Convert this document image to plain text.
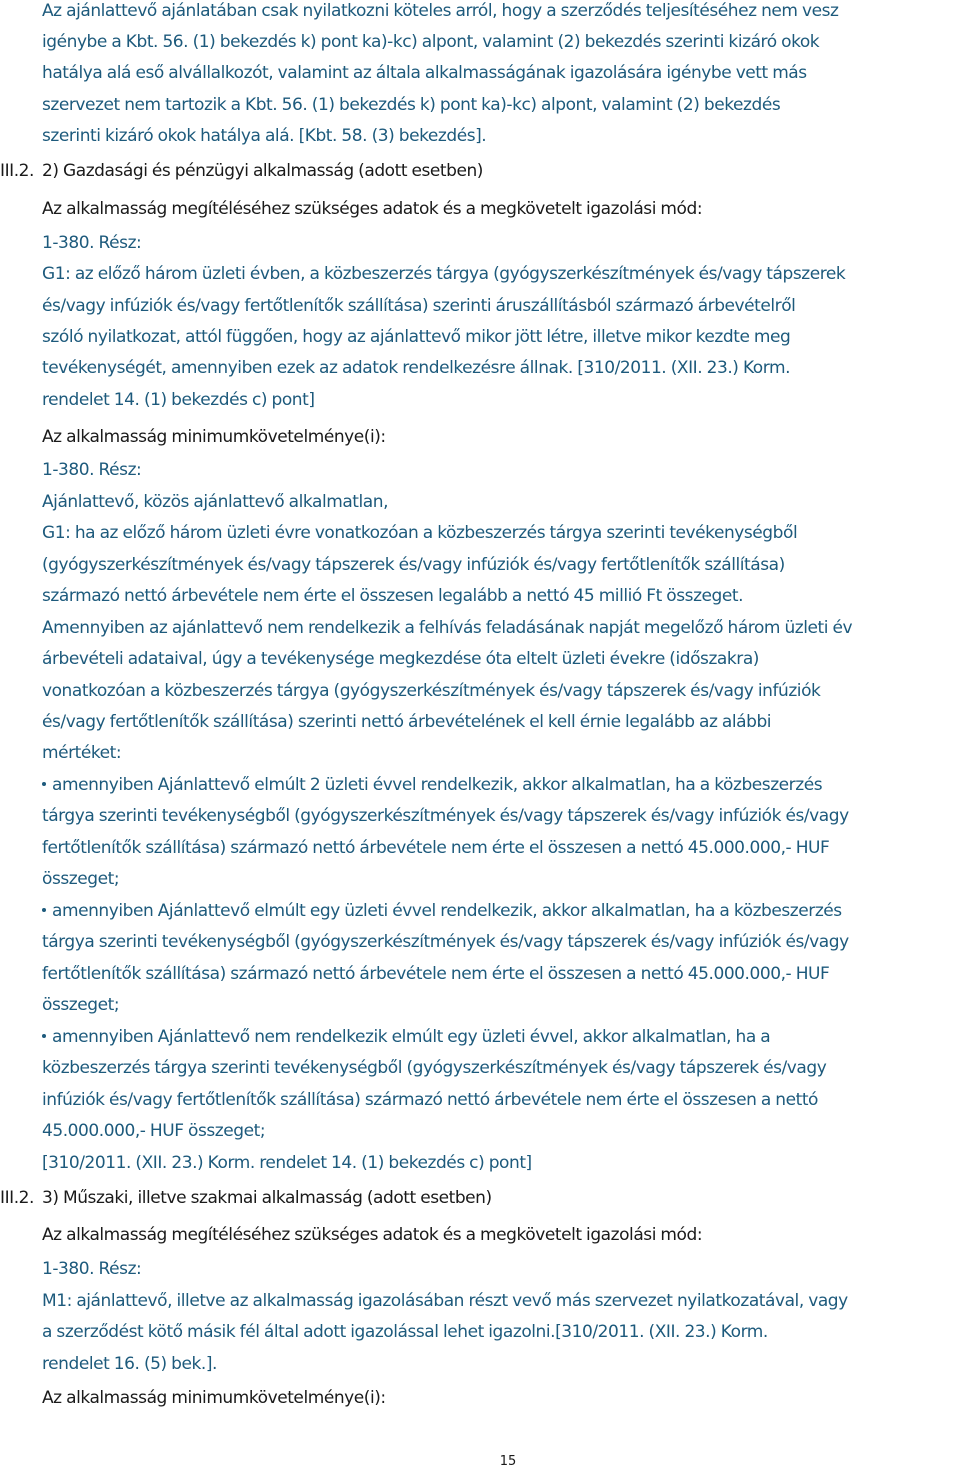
Az ajánlattevő ajánlatában csak nyilatkozni köteles arról, hogy a szerződés teljesítéséhez nem vesz
igénybe a Kbt. 56. (1) bekezdés k) pont ka)-kc) alpont, valamint (2) bekezdés szerinti kizáró okok
hatálya alá eső alvállalkozót, valamint az általa alkalmasságának igazolására igénybe vett más
szervezet nem tartozik a Kbt. 56. (1) bekezdés k) pont ka)-kc) alpont, valamint (2) bekezdés
szerinti kizáró okok hatálya alá. [Kbt. 58. (3) bekezdés].
III.2. 2) Gazdasági és pénzügyi alkalmasság (adott esetben)
Az alkalmasság megítéléséhez szükséges adatok és a megkövetelt igazolási mód:
1-380. Rész:
G1: az előző három üzleti évben, a közbeszerzés tárgya (gyógyszerkészítmények és/vagy tápszerek
és/vagy infúziók és/vagy fertőtlenítők szállítása) szerinti áruszállításból származó árbevételről
szóló nyilatkozat, attól függően, hogy az ajánlattevő mikor jött létre, illetve mikor kezdte meg
tevékenységét, amennyiben ezek az adatok rendelkezésre állnak. [310/2011. (XII. 23.) Korm.
rendelet 14. (1) bekezdés c) pont]
Az alkalmasság minimumkövetelménye(i):
1-380. Rész:
Ajánlattevő, közös ajánlattevő alkalmatlan,
G1: ha az előző három üzleti évre vonatkozóan a közbeszerzés tárgya szerinti tevékenységből
(gyógyszerkészítmények és/vagy tápszerek és/vagy infúziók és/vagy fertőtlenítők szállítása)
származó nettó árbevétele nem érte el összesen legalább a nettó 45 millió Ft összeget.
Amennyiben az ajánlattevő nem rendelkezik a felhívás feladásának napját megelőző három üzleti év
árbevételi adataival, úgy a tevékenysége megkezdése óta eltelt üzleti évekre (időszakra)
vonatkozóan a közbeszerzés tárgya (gyógyszerkészítmények és/vagy tápszerek és/vagy infúziók
és/vagy fertőtlenítők szállítása) szerinti nettó árbevételének el kell érnie legalább az alábbi
mértéket:
amennyiben Ajánlattevő elmúlt 2 üzleti évvel rendelkezik, akkor alkalmatlan, ha a közbeszerzés
tárgya szerinti tevékenységből (gyógyszerkészítmények és/vagy tápszerek és/vagy infúziók és/vagy
fertőtlenítők szállítása) származó nettó árbevétele nem érte el összesen a nettó 45.000.000,- HUF
összeget;
amennyiben Ajánlattevő elmúlt egy üzleti évvel rendelkezik, akkor alkalmatlan, ha a közbeszerzés
tárgya szerinti tevékenységből (gyógyszerkészítmények és/vagy tápszerek és/vagy infúziók és/vagy
fertőtlenítők szállítása) származó nettó árbevétele nem érte el összesen a nettó 45.000.000,- HUF
összeget;
amennyiben Ajánlattevő nem rendelkezik elmúlt egy üzleti évvel, akkor alkalmatlan, ha a
közbeszerzés tárgya szerinti tevékenységből (gyógyszerkészítmények és/vagy tápszerek és/vagy
infúziók és/vagy fertőtlenítők szállítása) származó nettó árbevétele nem érte el összesen a nettó
45.000.000,- HUF összeget;
[310/2011. (XII. 23.) Korm. rendelet 14. (1) bekezdés c) pont]
III.2. 3) Műszaki, illetve szakmai alkalmasság (adott esetben)
Az alkalmasság megítéléséhez szükséges adatok és a megkövetelt igazolási mód:
1-380. Rész:
M1: ajánlattevő, illetve az alkalmasság igazolásában részt vevő más szervezet nyilatkozatával, vagy
a szerződést kötő másik fél által adott igazolással lehet igazolni.[310/2011. (XII. 23.) Korm.
rendelet 16. (5) bek.].
Az alkalmasság minimumkövetelménye(i):
15
